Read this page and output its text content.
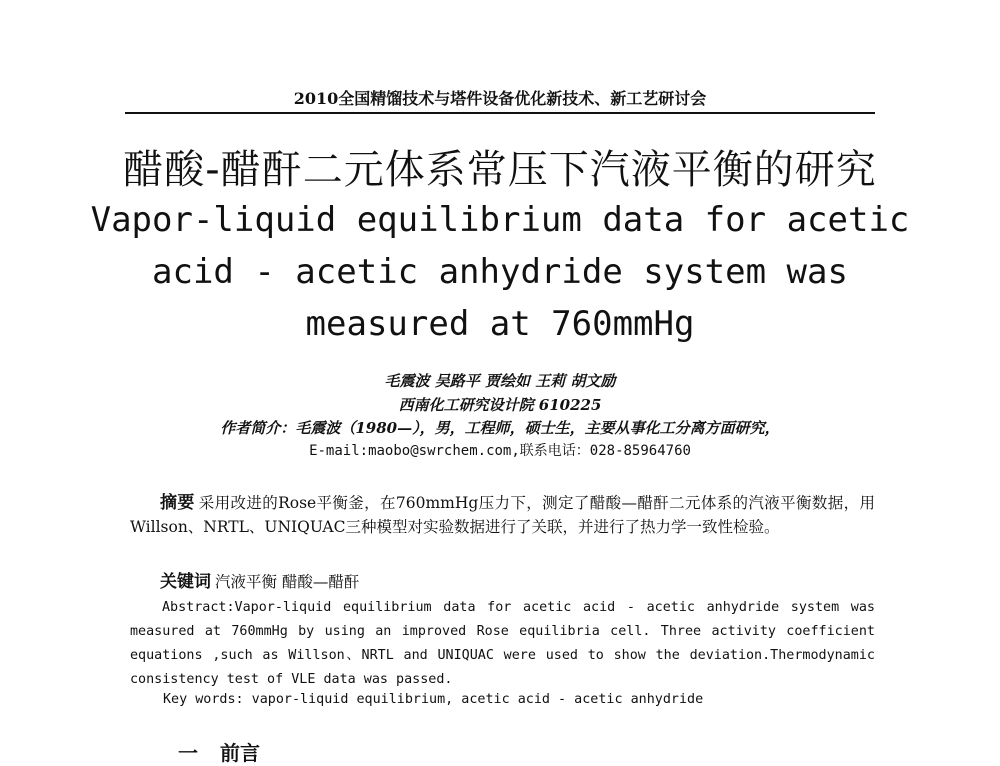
2010全国精馏技术与塔件设备优化新技术、新工艺研讨会
醋酸-醋酐二元体系常压下汽液平衡的研究
Vapor-liquid equilibrium data for acetic
acid - acetic anhydride system was
measured at 760mmHg
毛震波 吴路平 贾绘如 王莉 胡文励
西南化工研究设计院 610225
作者简介：毛震波（1980—），男，工程师，硕士生，主要从事化工分离方面研究，
E-mail:maobo@swrchem.com,联系电话：028-85964760
摘要 采用改进的Rose平衡釜，在760mmHg压力下，测定了醋酸—醋酐二元体系的汽液平衡数据，用Willson、NRTL、UNIQUAC三种模型对实验数据进行了关联，并进行了热力学一致性检验。
关键词 汽液平衡 醋酸—醋酐
Abstract:Vapor-liquid equilibrium data for acetic acid - acetic anhydride system was measured at 760mmHg by using an improved Rose equilibria cell. Three activity coefficient equations ,such as Willson、NRTL and UNIQUAC were used to show the deviation.Thermodynamic consistency test of VLE data was passed.
Key words: vapor-liquid equilibrium, acetic acid - acetic anhydride
一 前言
